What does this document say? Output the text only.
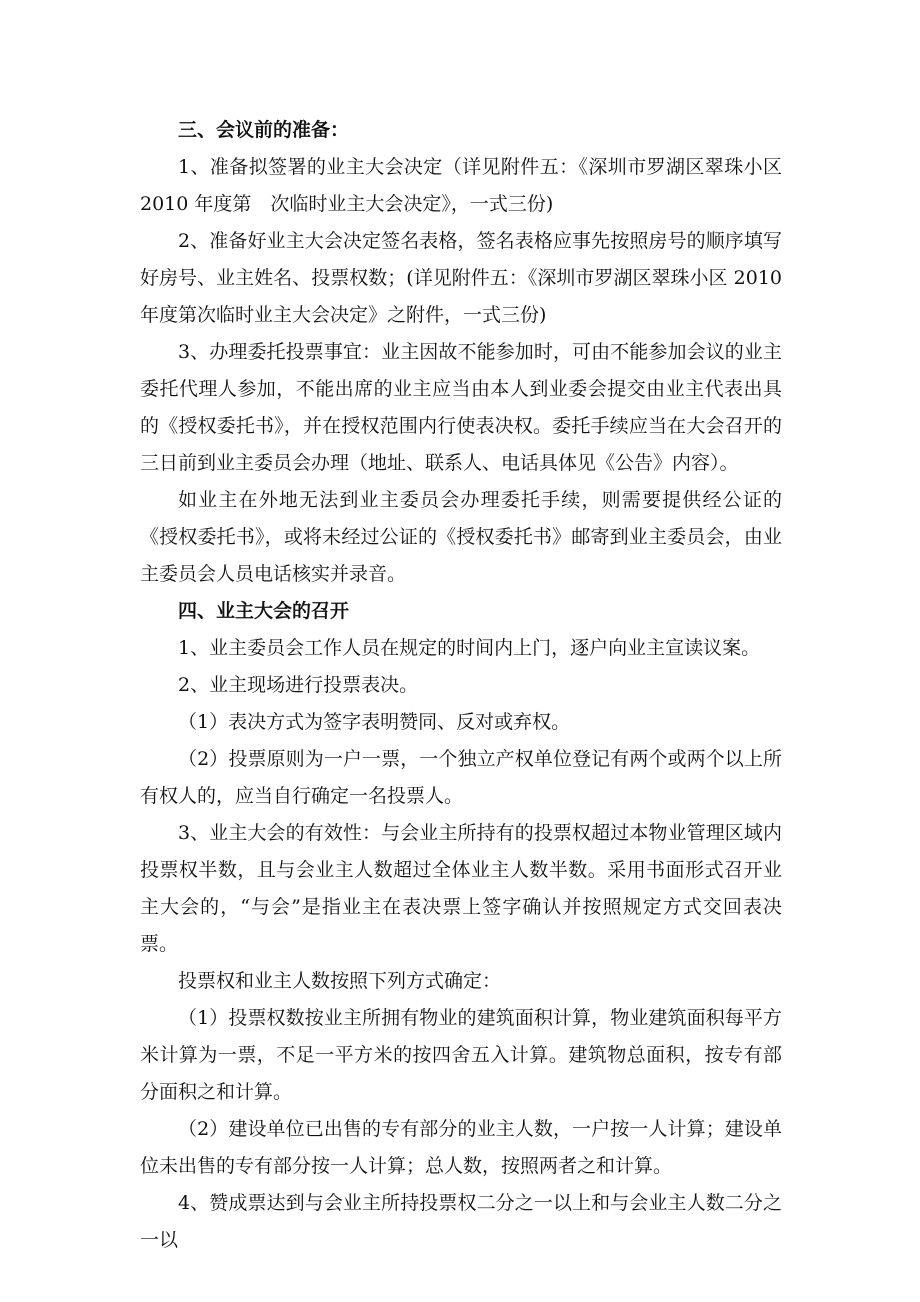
三、会议前的准备：

1、准备拟签署的业主大会决定（详见附件五：《深圳市罗湖区翠珠小区 2010 年度第　次临时业主大会决定》，一式三份)

2、准备好业主大会决定签名表格，签名表格应事先按照房号的顺序填写好房号、业主姓名、投票权数；(详见附件五：《深圳市罗湖区翠珠小区 2010 年度第次临时业主大会决定》之附件，一式三份)

3、办理委托投票事宜：业主因故不能参加时，可由不能参加会议的业主委托代理人参加，不能出席的业主应当由本人到业委会提交由业主代表出具的《授权委托书》，并在授权范围内行使表决权。委托手续应当在大会召开的三日前到业主委员会办理（地址、联系人、电话具体见《公告》内容）。

如业主在外地无法到业主委员会办理委托手续，则需要提供经公证的《授权委托书》，或将未经过公证的《授权委托书》邮寄到业主委员会，由业主委员会人员电话核实并录音。

四、业主大会的召开

1、业主委员会工作人员在规定的时间内上门，逐户向业主宣读议案。

2、业主现场进行投票表决。

（1）表决方式为签字表明赞同、反对或弃权。

（2）投票原则为一户一票，一个独立产权单位登记有两个或两个以上所有权人的，应当自行确定一名投票人。

3、业主大会的有效性：与会业主所持有的投票权超过本物业管理区域内投票权半数，且与会业主人数超过全体业主人数半数。采用书面形式召开业主大会的，“与会”是指业主在表决票上签字确认并按照规定方式交回表决票。

投票权和业主人数按照下列方式确定：

（1）投票权数按业主所拥有物业的建筑面积计算，物业建筑面积每平方米计算为一票，不足一平方米的按四舍五入计算。建筑物总面积，按专有部分面积之和计算。

（2）建设单位已出售的专有部分的业主人数，一户按一人计算；建设单位未出售的专有部分按一人计算；总人数，按照两者之和计算。

4、赞成票达到与会业主所持投票权二分之一以上和与会业主人数二分之一以
